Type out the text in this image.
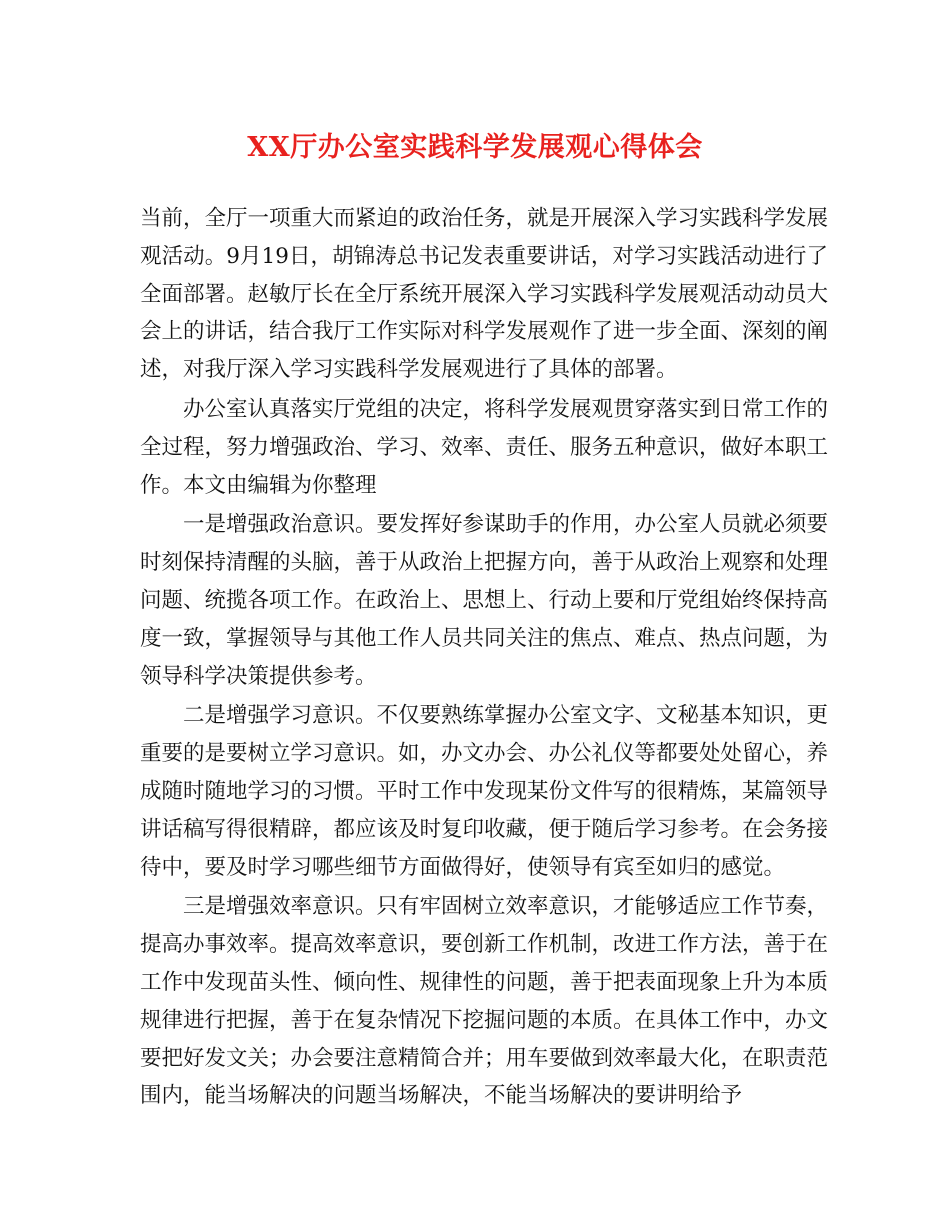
XX厅办公室实践科学发展观心得体会

当前，全厅一项重大而紧迫的政治任务，就是开展深入学习实践科学发展观活动。9月19日，胡锦涛总书记发表重要讲话，对学习实践活动进行了全面部署。赵敏厅长在全厅系统开展深入学习实践科学发展观活动动员大会上的讲话，结合我厅工作实际对科学发展观作了进一步全面、深刻的阐述，对我厅深入学习实践科学发展观进行了具体的部署。

办公室认真落实厅党组的决定，将科学发展观贯穿落实到日常工作的全过程，努力增强政治、学习、效率、责任、服务五种意识，做好本职工作。本文由编辑为你整理

一是增强政治意识。要发挥好参谋助手的作用，办公室人员就必须要时刻保持清醒的头脑，善于从政治上把握方向，善于从政治上观察和处理问题、统揽各项工作。在政治上、思想上、行动上要和厅党组始终保持高度一致，掌握领导与其他工作人员共同关注的焦点、难点、热点问题，为领导科学决策提供参考。

二是增强学习意识。不仅要熟练掌握办公室文字、文秘基本知识，更重要的是要树立学习意识。如，办文办会、办公礼仪等都要处处留心，养成随时随地学习的习惯。平时工作中发现某份文件写的很精炼，某篇领导讲话稿写得很精辟，都应该及时复印收藏，便于随后学习参考。在会务接待中，要及时学习哪些细节方面做得好，使领导有宾至如归的感觉。

三是增强效率意识。只有牢固树立效率意识，才能够适应工作节奏，提高办事效率。提高效率意识，要创新工作机制，改进工作方法，善于在工作中发现苗头性、倾向性、规律性的问题，善于把表面现象上升为本质规律进行把握，善于在复杂情况下挖掘问题的本质。在具体工作中，办文要把好发文关；办会要注意精简合并；用车要做到效率最大化，在职责范围内，能当场解决的问题当场解决，不能当场解决的要讲明给予
